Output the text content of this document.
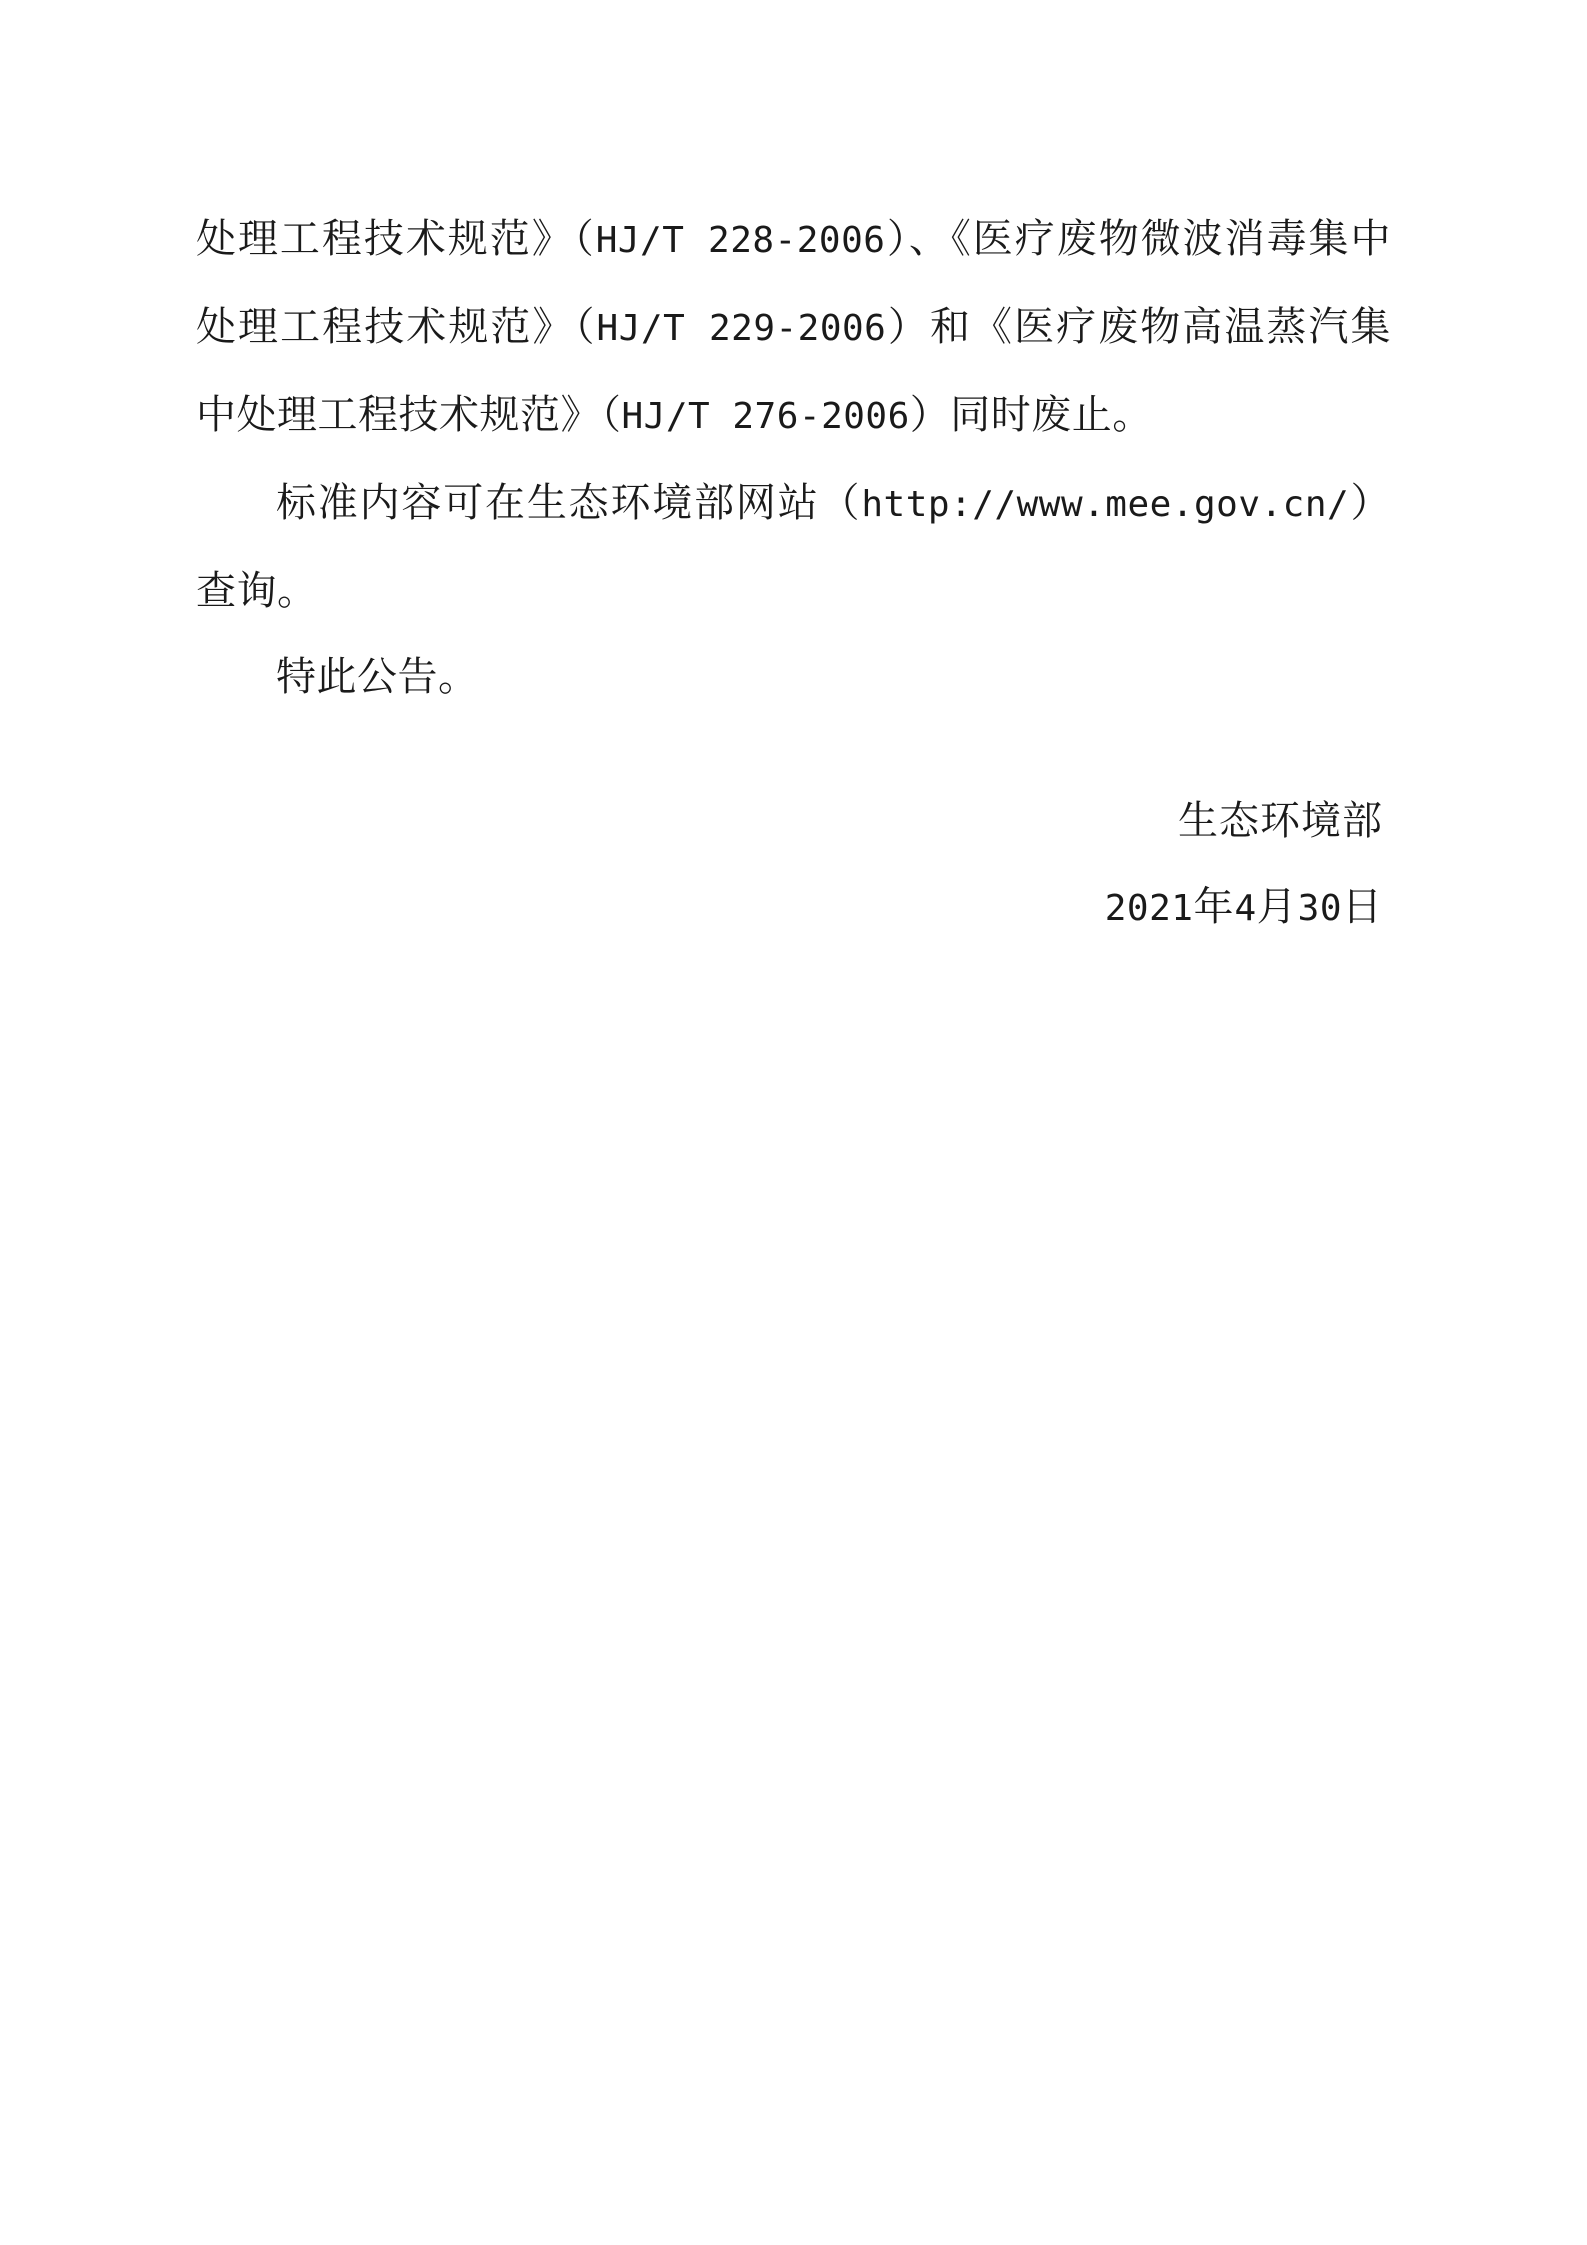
处理工程技术规范》（HJ/T 228-2006）、《医疗废物微波消毒集中处理工程技术规范》（HJ/T 229-2006）和《医疗废物高温蒸汽集中处理工程技术规范》（HJ/T 276-2006）同时废止。

标准内容可在生态环境部网站（http://www.mee.gov.cn/）查询。

特此公告。

生态环境部
2021年4月30日
